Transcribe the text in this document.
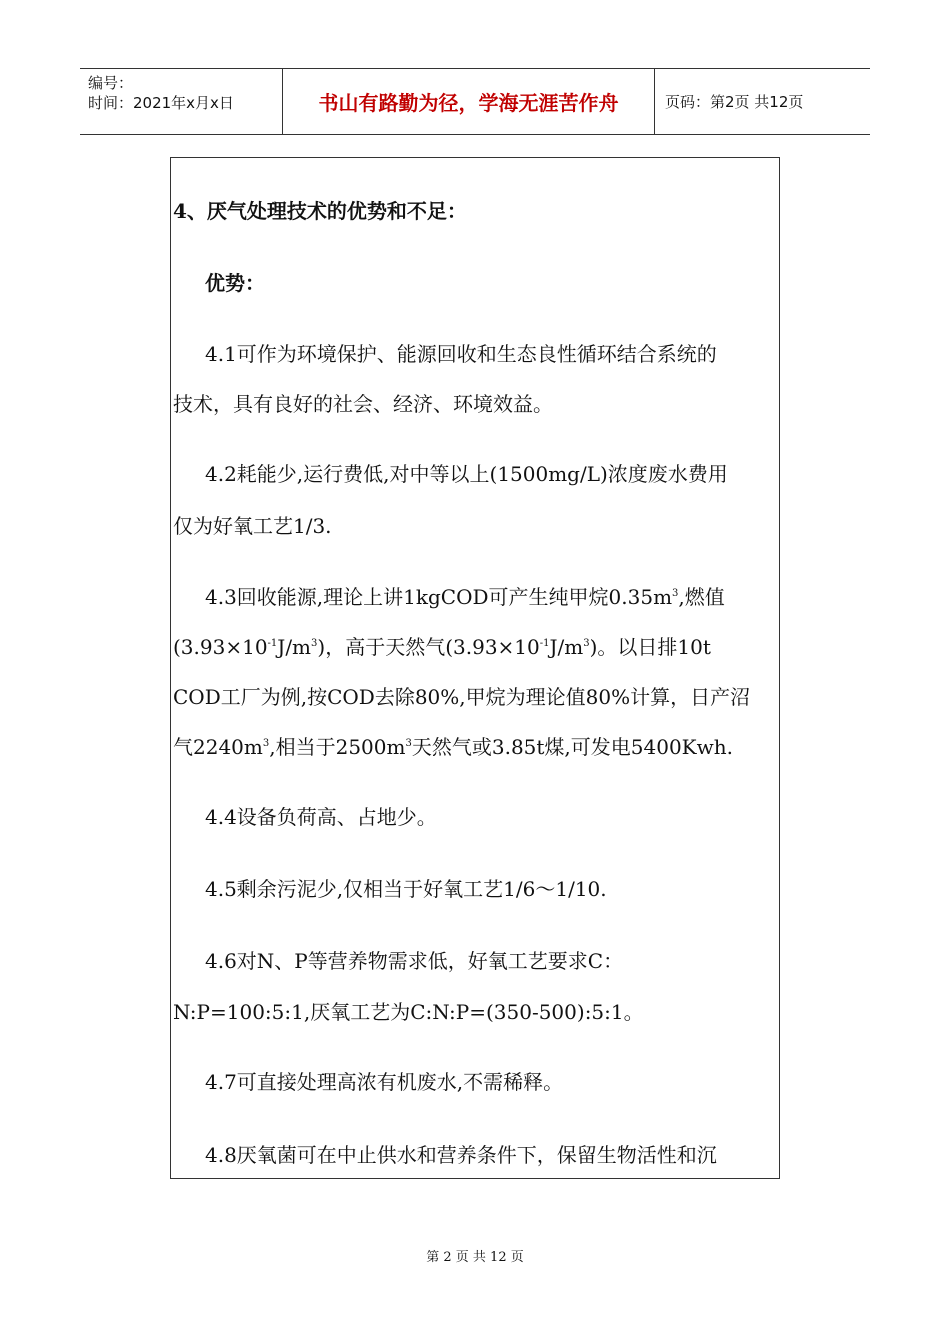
编号：
时间：2021年x月x日	书山有路勤为径，学海无涯苦作舟	页码：第2页 共12页
4、厌气处理技术的优势和不足：
优势：
4.1可作为环境保护、能源回收和生态良性循环结合系统的
技术，具有良好的社会、经济、环境效益。
4.2耗能少,运行费低,对中等以上(1500mg/L)浓度废水费用
仅为好氧工艺1/3.
4.3回收能源,理论上讲1kgCOD可产生纯甲烷$0.35m^3$,燃值
$(3.93\times 10^{-1}J/m^3)$，高于天然气$(3.93\times 10^{-1}J/m^3)$。以日排10t
COD工厂为例,按COD去除80%,甲烷为理论值80%计算，日产沼
气$2240m^3$,相当于$2500m^3$天然气或3.85t煤,可发电5400Kwh.
4.4设备负荷高、占地少。
4.5剩余污泥少,仅相当于好氧工艺1/6～1/10.
4.6对N、P等营养物需求低，好氧工艺要求C：
N:P=100:5:1,厌氧工艺为C:N:P=(350-500):5:1。
4.7可直接处理高浓有机废水,不需稀释。
4.8厌氧菌可在中止供水和营养条件下，保留生物活性和沉
第 2 页 共 12 页
